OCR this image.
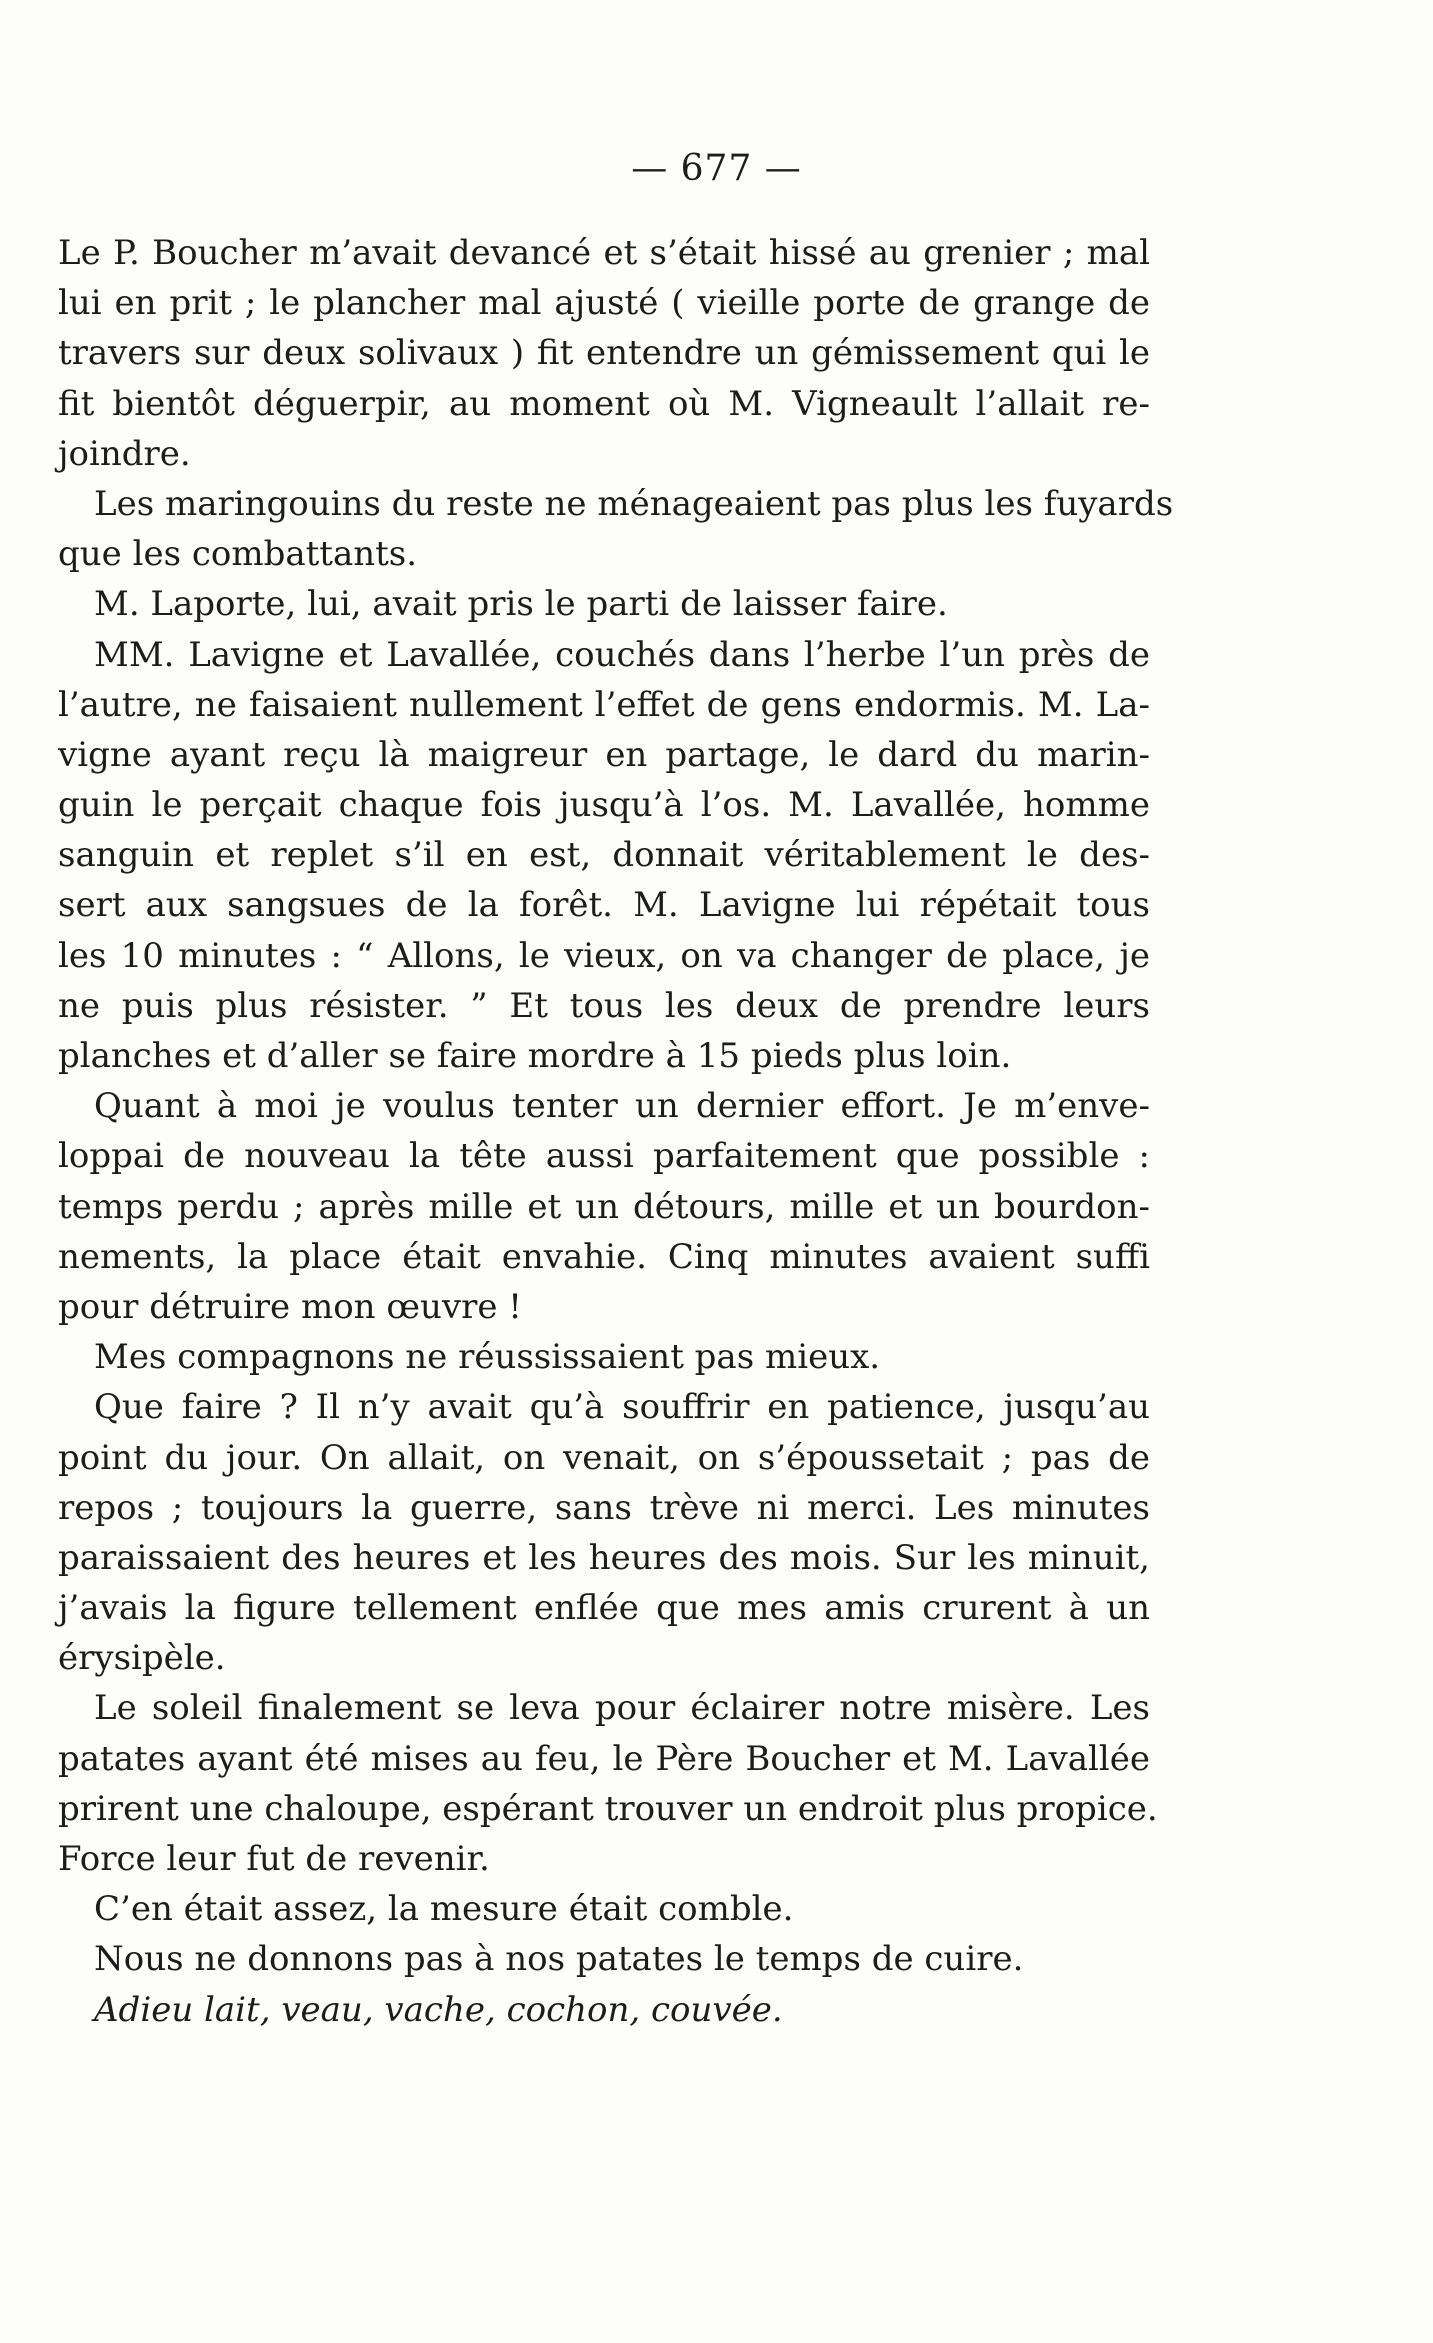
— 677 —
Le P. Boucher m’avait devancé et s’était hissé au grenier ; mal
lui en prit ; le plancher mal ajusté ( vieille porte de grange de
travers sur deux solivaux ) fit entendre un gémissement qui le
fit bientôt déguerpir, au moment où M. Vigneault l’allait re-
joindre.
Les maringouins du reste ne ménageaient pas plus les fuyards
que les combattants.
M. Laporte, lui, avait pris le parti de laisser faire.
MM. Lavigne et Lavallée, couchés dans l’herbe l’un près de
l’autre, ne faisaient nullement l’effet de gens endormis. M. La-
vigne ayant reçu là maigreur en partage, le dard du marin-
guin le perçait chaque fois jusqu’à l’os. M. Lavallée, homme
sanguin et replet s’il en est, donnait véritablement le des-
sert aux sangsues de la forêt. M. Lavigne lui répétait tous
les 10 minutes : “ Allons, le vieux, on va changer de place, je
ne puis plus résister. ” Et tous les deux de prendre leurs
planches et d’aller se faire mordre à 15 pieds plus loin.
Quant à moi je voulus tenter un dernier effort. Je m’enve-
loppai de nouveau la tête aussi parfaitement que possible :
temps perdu ; après mille et un détours, mille et un bourdon-
nements, la place était envahie. Cinq minutes avaient suffi
pour détruire mon œuvre !
Mes compagnons ne réussissaient pas mieux.
Que faire ? Il n’y avait qu’à souffrir en patience, jusqu’au
point du jour. On allait, on venait, on s’époussetait ; pas de
repos ; toujours la guerre, sans trève ni merci. Les minutes
paraissaient des heures et les heures des mois. Sur les minuit,
j’avais la figure tellement enflée que mes amis crurent à un
érysipèle.
Le soleil finalement se leva pour éclairer notre misère. Les
patates ayant été mises au feu, le Père Boucher et M. Lavallée
prirent une chaloupe, espérant trouver un endroit plus propice.
Force leur fut de revenir.
C’en était assez, la mesure était comble.
Nous ne donnons pas à nos patates le temps de cuire.
Adieu lait, veau, vache, cochon, couvée.
